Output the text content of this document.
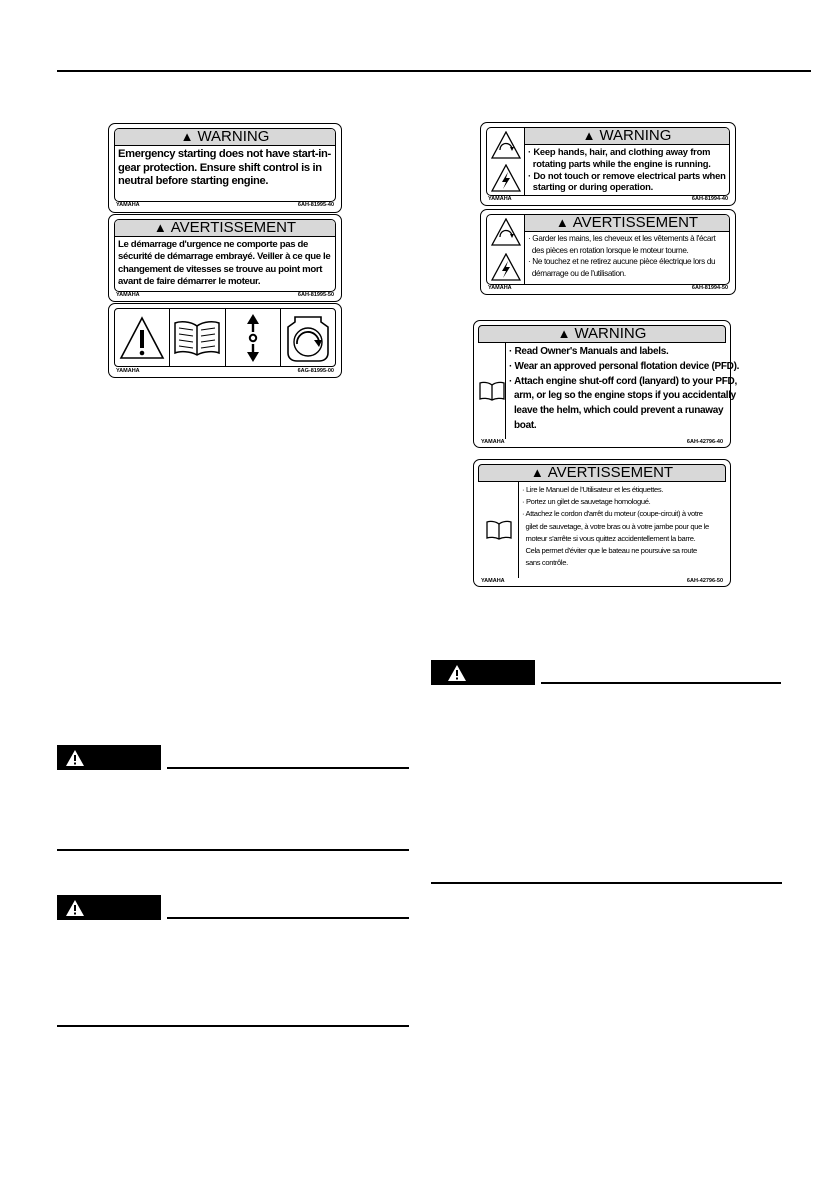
▲ WARNING
Emergency starting does not have start-in-gear protection. Ensure shift control is in neutral before starting engine.
YAMAHA	6AH-81995-40
▲ AVERTISSEMENT
Le démarrage d'urgence ne comporte pas de sécurité de démarrage embrayé. Veiller à ce que le changement de vitesses se trouve au point mort avant de faire démarrer le moteur.
YAMAHA	6AH-81995-50
YAMAHA	6AG-81995-00
▲ WARNING
· Keep hands, hair, and clothing away from
rotating parts while the engine is running.
· Do not touch or remove electrical parts when
starting or during operation.
YAMAHA	6AH-81994-40
▲ AVERTISSEMENT
· Garder les mains, les cheveux et les vêtements à l'écart
des pièces en rotation lorsque le moteur tourne.
· Ne touchez et ne retirez aucune pièce électrique lors du
démarrage ou de l'utilisation.
YAMAHA	6AH-81994-50
▲ WARNING
· Read Owner's Manuals and labels.
· Wear an approved personal flotation device (PFD).
· Attach engine shut-off cord (lanyard) to your PFD,
arm, or leg so the engine stops if you accidentally
leave the helm, which could prevent a runaway
boat.
YAMAHA	6AH-42796-40
▲ AVERTISSEMENT
· Lire le Manuel de l'Utilisateur et les étiquettes.
· Portez un gilet de sauvetage homologué.
· Attachez le cordon d'arrêt du moteur (coupe-circuit) à votre
gilet de sauvetage, à votre bras ou à votre jambe pour que le
moteur s'arrête si vous quittez accidentellement la barre.
Cela permet d'éviter que le bateau ne poursuive sa route
sans contrôle.
YAMAHA	6AH-42796-50
